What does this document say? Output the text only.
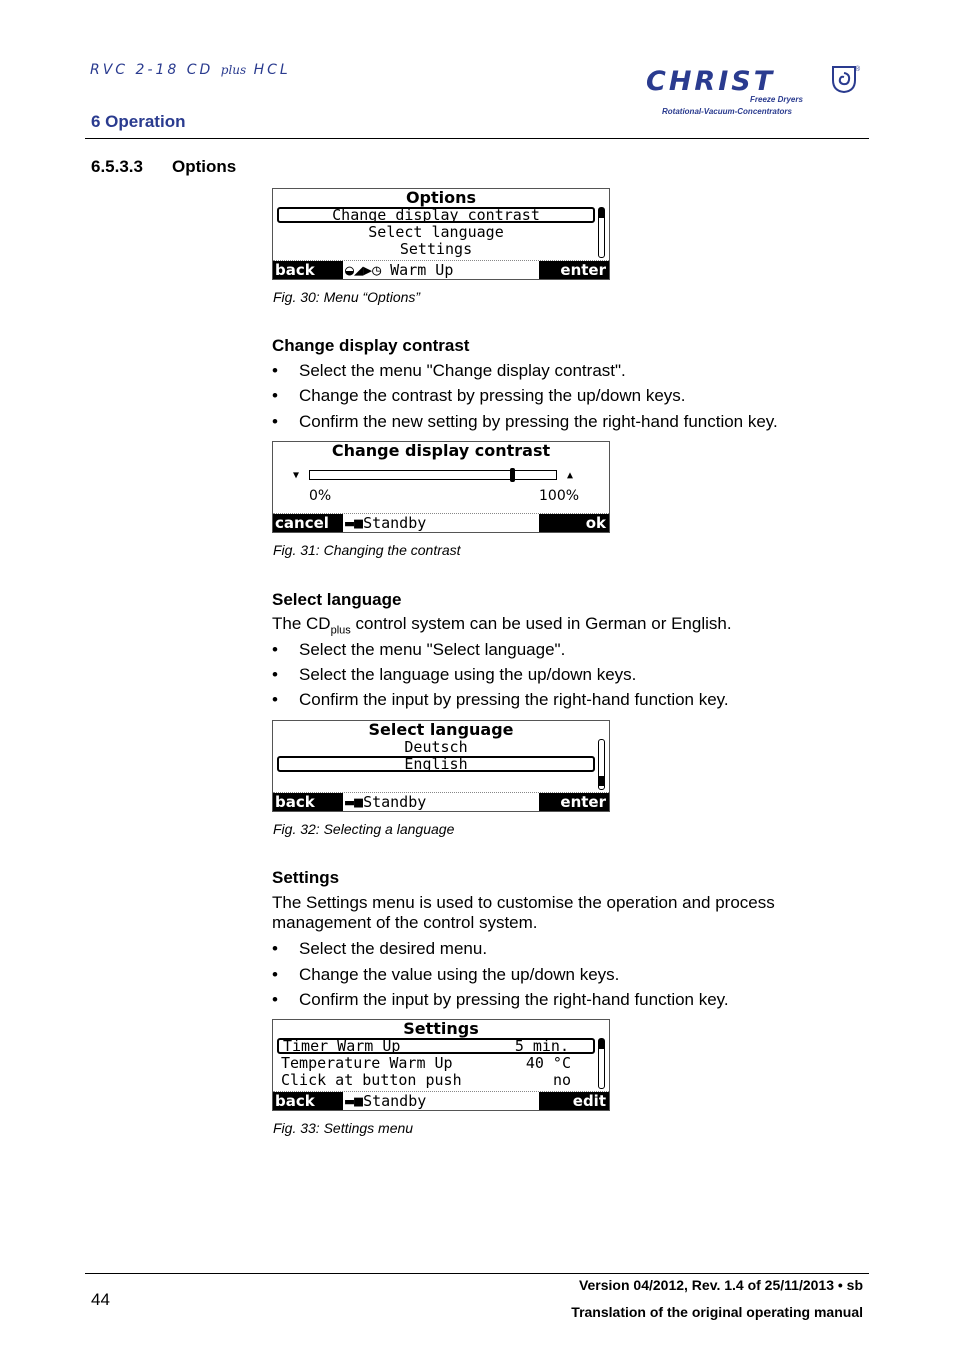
RVC 2-18 CD plus HCL
6 Operation
CHRIST	®
Freeze Dryers
Rotational-Vacuum-Concentrators
6.5.3.3 Options
Options
Change display contrast
Select language
Settings
back	◒◢▶◷ Warm Up	enter
Fig. 30: Menu “Options”
Change display contrast
• Select the menu "Change display contrast".
• Change the contrast by pressing the up/down keys.
• Confirm the new setting by pressing the right-hand function key.
Change display contrast
▼	▲
0%	100%
cancel	▬■Standby	ok
Fig. 31: Changing the contrast
Select language
The $CD_{plus}$ control system can be used in German or English.
• Select the menu "Select language".
• Select the language using the up/down keys.
• Confirm the input by pressing the right-hand function key.
Select language
Deutsch
English
back	▬■Standby	enter
Fig. 32: Selecting a language
Settings
The Settings menu is used to customise the operation and process management of the control system.
• Select the desired menu.
• Change the value using the up/down keys.
• Confirm the input by pressing the right-hand function key.
Settings
Timer Warm Up	5 min.
Temperature Warm Up	40 °C
Click at button push	no
back	▬■Standby	edit
Fig. 33: Settings menu
44
Version 04/2012, Rev. 1.4 of 25/11/2013 • sb
Translation of the original operating manual
